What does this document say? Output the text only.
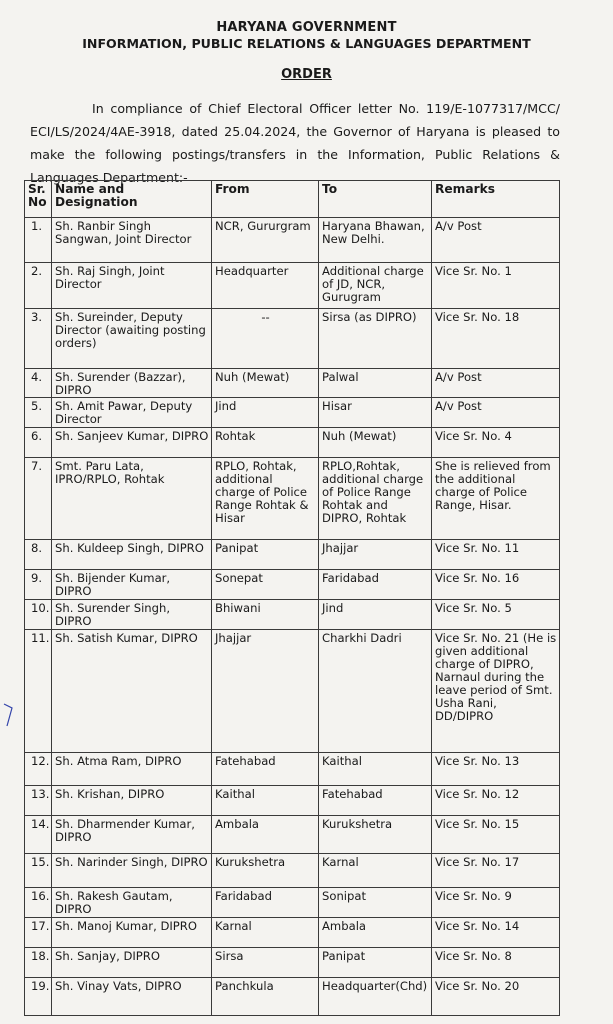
HARYANA GOVERNMENT
INFORMATION, PUBLIC RELATIONS & LANGUAGES DEPARTMENT
ORDER
In compliance of Chief Electoral Officer letter No. 119/E-1077317/MCC/ ECI/LS/2024/4AE-3918, dated 25.04.2024, the Governor of Haryana is pleased to make the following postings/transfers in the Information, Public Relations & Languages Department:-
Sr. No	Name and Designation	From	To	Remarks
1.	Sh. Ranbir Singh Sangwan, Joint Director	NCR, Gururgram	Haryana Bhawan, New Delhi.	A/v Post
2.	Sh. Raj Singh, Joint Director	Headquarter	Additional charge of JD, NCR, Gurugram	Vice Sr. No. 1
3.	Sh. Sureinder, Deputy Director (awaiting posting orders)	--	Sirsa (as DIPRO)	Vice Sr. No. 18
4.	Sh. Surender (Bazzar), DIPRO	Nuh (Mewat)	Palwal	A/v Post
5.	Sh. Amit Pawar, Deputy Director	Jind	Hisar	A/v Post
6.	Sh. Sanjeev Kumar, DIPRO	Rohtak	Nuh (Mewat)	Vice Sr. No. 4
7.	Smt. Paru Lata, IPRO/RPLO, Rohtak	RPLO, Rohtak, additional charge of Police Range Rohtak & Hisar	RPLO,Rohtak, additional charge of Police Range Rohtak and DIPRO, Rohtak	She is relieved from the additional charge of Police Range, Hisar.
8.	Sh. Kuldeep Singh, DIPRO	Panipat	Jhajjar	Vice Sr. No. 11
9.	Sh. Bijender Kumar, DIPRO	Sonepat	Faridabad	Vice Sr. No. 16
10.	Sh. Surender Singh, DIPRO	Bhiwani	Jind	Vice Sr. No. 5
11.	Sh. Satish Kumar, DIPRO	Jhajjar	Charkhi Dadri	Vice Sr. No. 21 (He is given additional charge of DIPRO, Narnaul during the leave period of Smt. Usha Rani, DD/DIPRO
12.	Sh. Atma Ram, DIPRO	Fatehabad	Kaithal	Vice Sr. No. 13
13.	Sh. Krishan, DIPRO	Kaithal	Fatehabad	Vice Sr. No. 12
14.	Sh. Dharmender Kumar, DIPRO	Ambala	Kurukshetra	Vice Sr. No. 15
15.	Sh. Narinder Singh, DIPRO	Kurukshetra	Karnal	Vice Sr. No. 17
16.	Sh. Rakesh Gautam, DIPRO	Faridabad	Sonipat	Vice Sr. No. 9
17.	Sh. Manoj Kumar, DIPRO	Karnal	Ambala	Vice Sr. No. 14
18.	Sh. Sanjay, DIPRO	Sirsa	Panipat	Vice Sr. No. 8
19.	Sh. Vinay Vats, DIPRO	Panchkula	Headquarter(Chd)	Vice Sr. No. 20
